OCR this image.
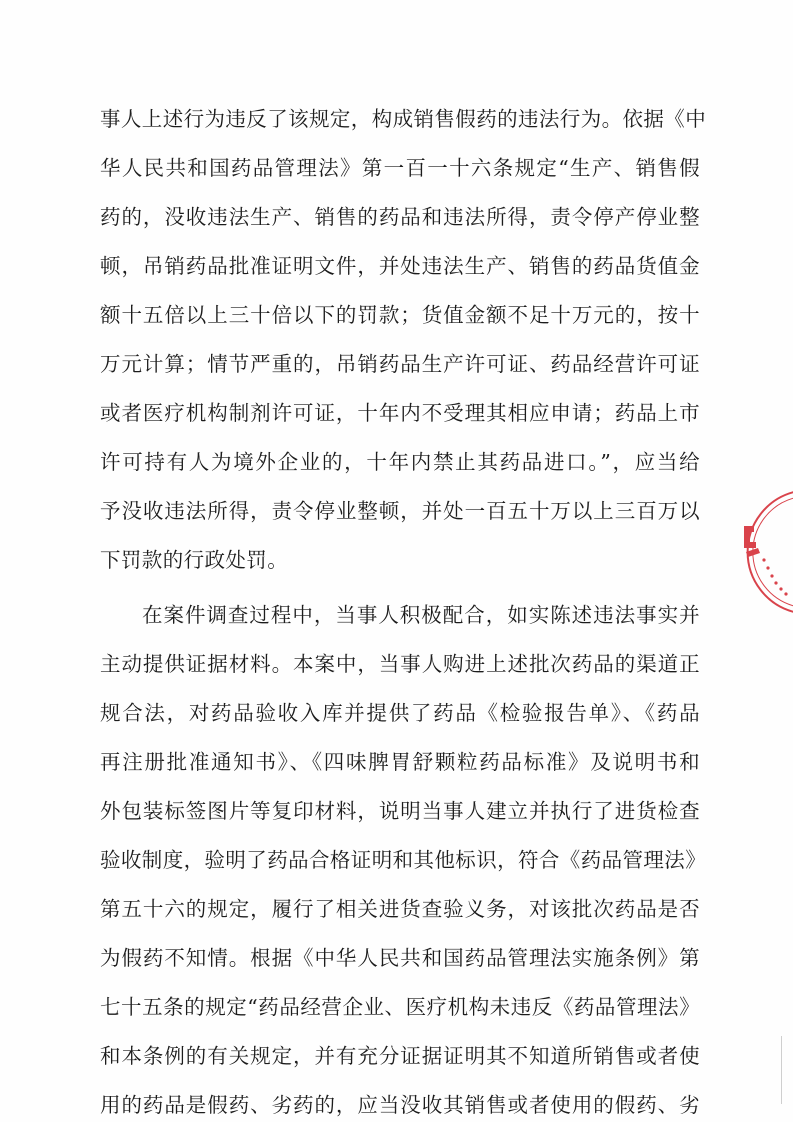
事人上述行为违反了该规定，构成销售假药的违法行为。依据《中
华人民共和国药品管理法》第一百一十六条规定“生产、销售假
药的，没收违法生产、销售的药品和违法所得，责令停产停业整
顿，吊销药品批准证明文件，并处违法生产、销售的药品货值金
额十五倍以上三十倍以下的罚款；货值金额不足十万元的，按十
万元计算；情节严重的，吊销药品生产许可证、药品经营许可证
或者医疗机构制剂许可证，十年内不受理其相应申请；药品上市
许可持有人为境外企业的，十年内禁止其药品进口。”，应当给
予没收违法所得，责令停业整顿，并处一百五十万以上三百万以
下罚款的行政处罚。
在案件调查过程中，当事人积极配合，如实陈述违法事实并
主动提供证据材料。本案中，当事人购进上述批次药品的渠道正
规合法，对药品验收入库并提供了药品《检验报告单》、《药品
再注册批准通知书》、《四味脾胃舒颗粒药品标准》及说明书和
外包装标签图片等复印材料，说明当事人建立并执行了进货检查
验收制度，验明了药品合格证明和其他标识，符合《药品管理法》
第五十六的规定，履行了相关进货查验义务，对该批次药品是否
为假药不知情。根据《中华人民共和国药品管理法实施条例》第
七十五条的规定“药品经营企业、医疗机构未违反《药品管理法》
和本条例的有关规定，并有充分证据证明其不知道所销售或者使
用的药品是假药、劣药的，应当没收其销售或者使用的假药、劣
